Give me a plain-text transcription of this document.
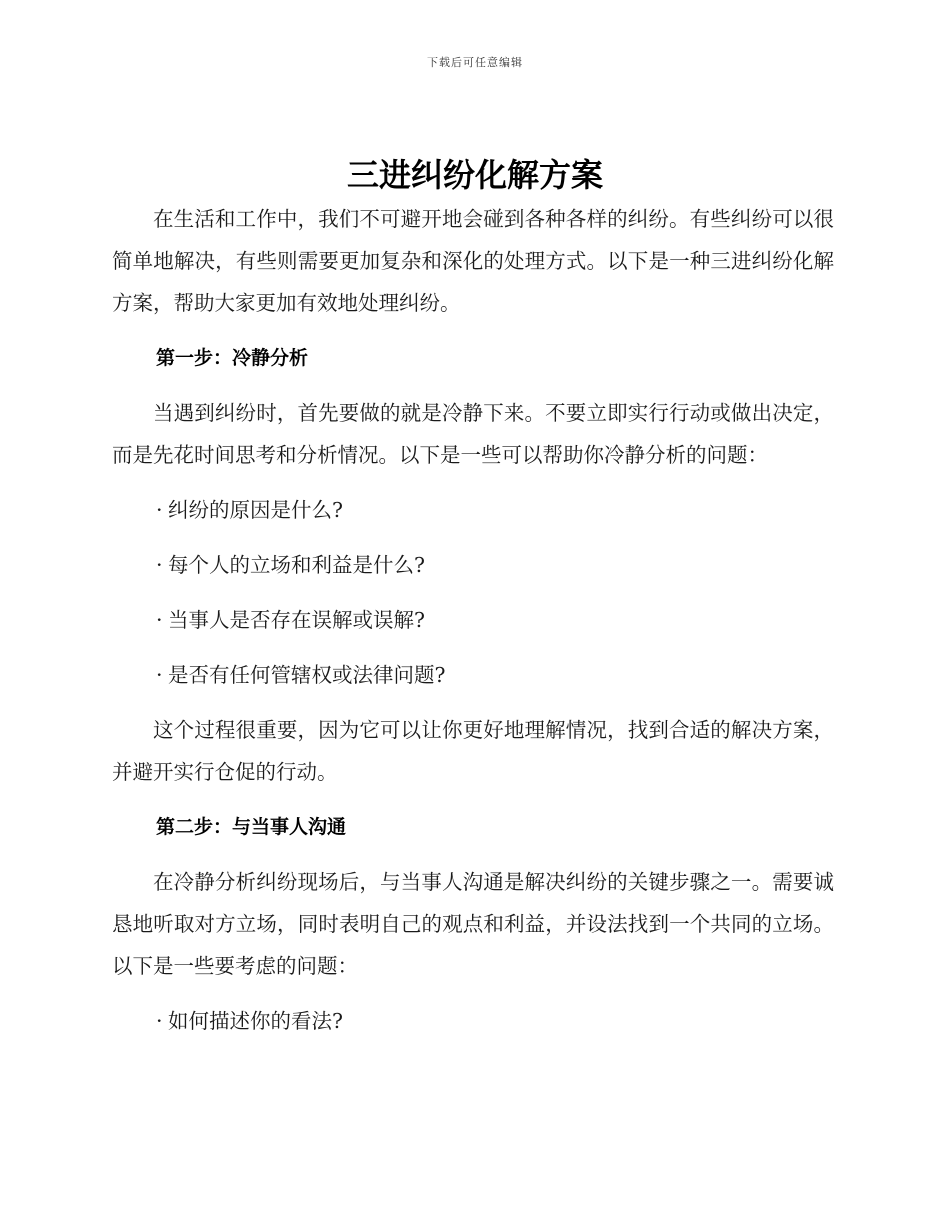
下载后可任意编辑
三进纠纷化解方案

在生活和工作中，我们不可避开地会碰到各种各样的纠纷。有些纠纷可以很简单地解决，有些则需要更加复杂和深化的处理方式。以下是一种三进纠纷化解方案，帮助大家更加有效地处理纠纷。

第一步：冷静分析

当遇到纠纷时，首先要做的就是冷静下来。不要立即实行行动或做出决定，而是先花时间思考和分析情况。以下是一些可以帮助你冷静分析的问题：

· 纠纷的原因是什么?
· 每个人的立场和利益是什么?
· 当事人是否存在误解或误解?
· 是否有任何管辖权或法律问题?

这个过程很重要，因为它可以让你更好地理解情况，找到合适的解决方案，并避开实行仓促的行动。

第二步：与当事人沟通

在冷静分析纠纷现场后，与当事人沟通是解决纠纷的关键步骤之一。需要诚恳地听取对方立场，同时表明自己的观点和利益，并设法找到一个共同的立场。以下是一些要考虑的问题：

· 如何描述你的看法?
